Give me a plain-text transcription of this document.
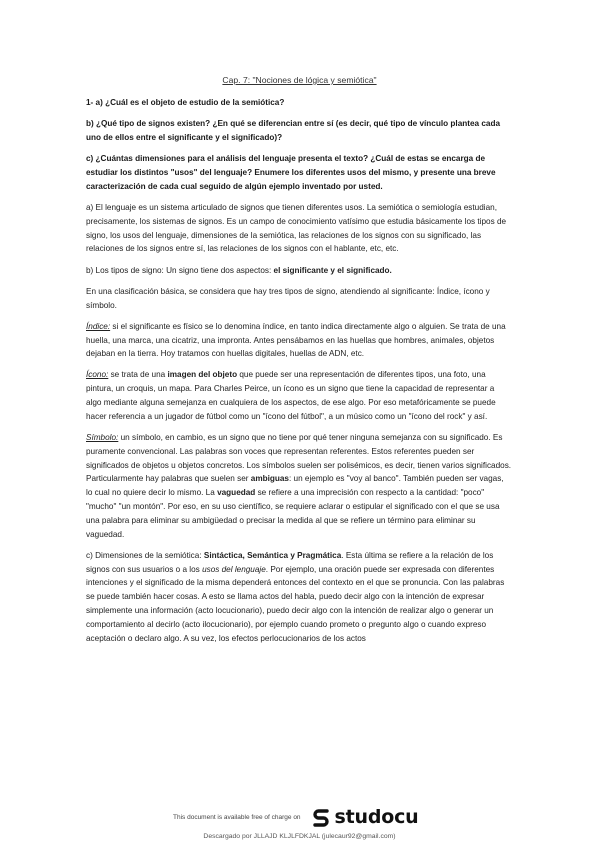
Cap. 7: "Nociones de lógica y semiótica"

1- a) ¿Cuál es el objeto de estudio de la semiótica?

b) ¿Qué tipo de signos existen? ¿En qué se diferencian entre sí (es decir, qué tipo de vínculo plantea cada uno de ellos entre el significante y el significado)?

c) ¿Cuántas dimensiones para el análisis del lenguaje presenta el texto? ¿Cuál de estas se encarga de estudiar los distintos "usos" del lenguaje? Enumere los diferentes usos del mismo, y presente una breve caracterización de cada cual seguido de algún ejemplo inventado por usted.

a) El lenguaje es un sistema articulado de signos que tienen diferentes usos. La semiótica o semiología estudian, precisamente, los sistemas de signos. Es un campo de conocimiento vatísimo que estudia básicamente los tipos de signo, los usos del lenguaje, dimensiones de la semiótica, las relaciones de los signos con su significado, las relaciones de los signos entre sí, las relaciones de los signos con el hablante, etc, etc.

b) Los tipos de signo: Un signo tiene dos aspectos: el significante y el significado.

En una clasificación básica, se considera que hay tres tipos de signo, atendiendo al significante: Índice, ícono y símbolo.

Índice: si el significante es físico se lo denomina índice, en tanto indica directamente algo o alguien. Se trata de una huella, una marca, una cicatriz, una impronta. Antes pensábamos en las huellas que hombres, animales, objetos dejaban en la tierra. Hoy tratamos con huellas digitales, huellas de ADN, etc.

Ícono: se trata de una imagen del objeto que puede ser una representación de diferentes tipos, una foto, una pintura, un croquis, un mapa. Para Charles Peirce, un ícono es un signo que tiene la capacidad de representar a algo mediante alguna semejanza en cualquiera de los aspectos, de ese algo. Por eso metafóricamente se puede hacer referencia a un jugador de fútbol como un "ícono del fútbol", a un músico como un "ícono del rock" y así.

Símbolo: un símbolo, en cambio, es un signo que no tiene por qué tener ninguna semejanza con su significado. Es puramente convencional. Las palabras son voces que representan referentes. Estos referentes pueden ser significados de objetos u objetos concretos. Los símbolos suelen ser polisémicos, es decir, tienen varios significados. Particularmente hay palabras que suelen ser ambiguas: un ejemplo es "voy al banco". También pueden ser vagas, lo cual no quiere decir lo mismo. La vaguedad se refiere a una imprecisión con respecto a la cantidad: "poco" "mucho" "un montón". Por eso, en su uso científico, se requiere aclarar o estipular el significado con el que se usa una palabra para eliminar su ambigüedad o precisar la medida al que se refiere un término para eliminar su vaguedad.

c) Dimensiones de la semiótica: Sintáctica, Semántica y Pragmática. Esta última se refiere a la relación de los signos con sus usuarios o a los usos del lenguaje. Por ejemplo, una oración puede ser expresada con diferentes intenciones y el significado de la misma dependerá entonces del contexto en el que se pronuncia. Con las palabras se puede también hacer cosas. A esto se llama actos del habla, puedo decir algo con la intención de expresar simplemente una información (acto locucionario), puedo decir algo con la intención de realizar algo o generar un comportamiento al decirlo (acto ilocucionario), por ejemplo cuando prometo o pregunto algo o cuando expreso aceptación o declaro algo. A su vez, los efectos perlocucionarios de los actos

This document is available free of charge on studocu
Descargado por JLLAJD KLJLFDKJAL (julecaur92@gmail.com)
